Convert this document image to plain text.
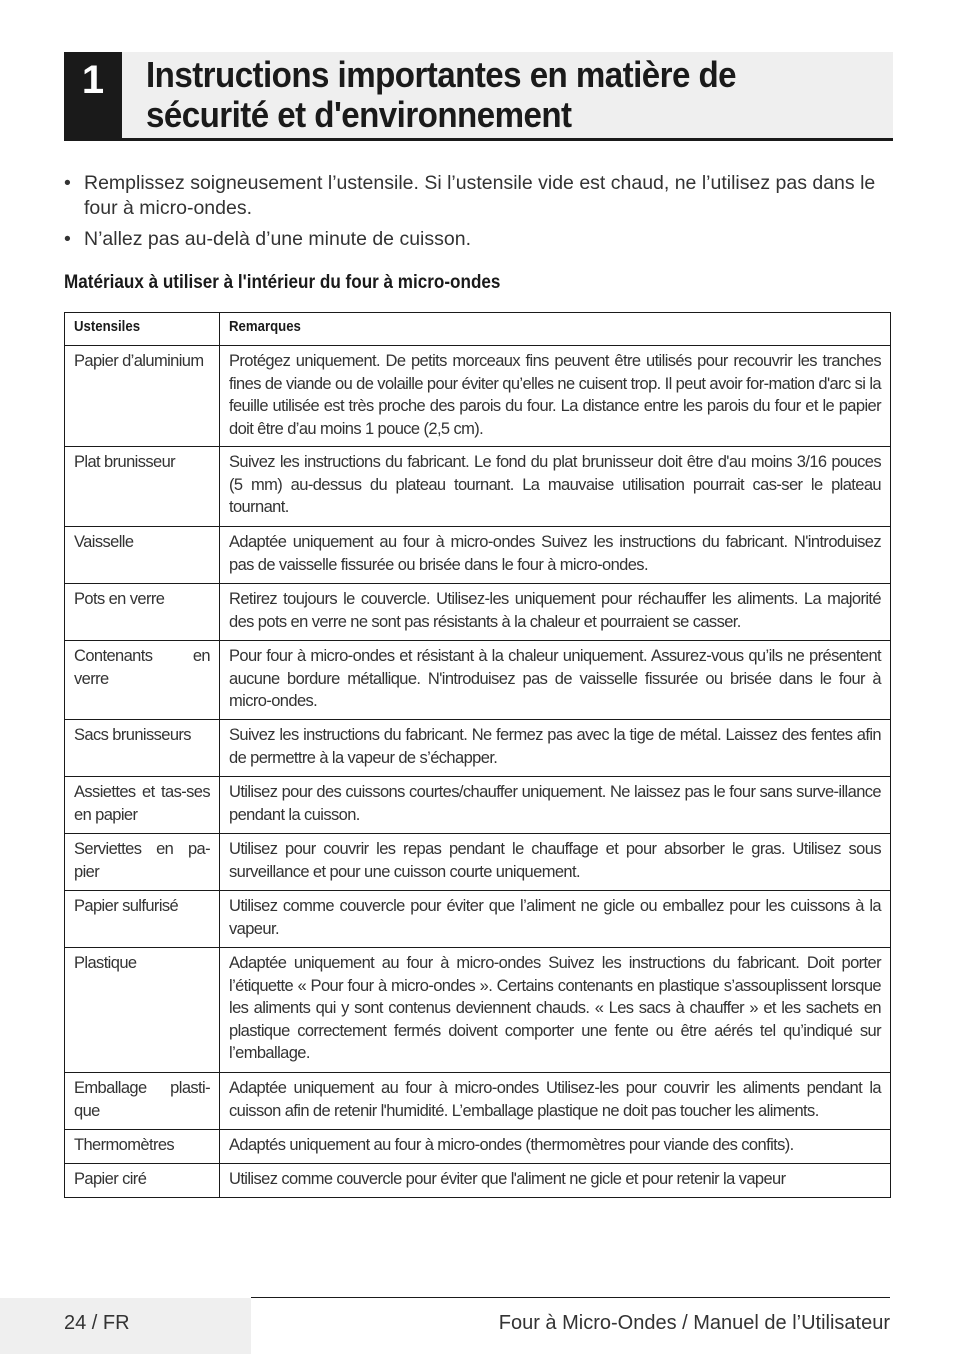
1	Instructions importantes en matière de
sécurité et d'environnement
• Remplissez soigneusement l’ustensile. Si l’ustensile vide est chaud, ne l’utilisez pas dans le four à micro-ondes.
• N’allez pas au-delà d’une minute de cuisson.
Matériaux à utiliser à l'intérieur du four à micro-ondes
Ustensiles	Remarques
Papier d’aluminium	Protégez uniquement. De petits morceaux fins peuvent être utilisés pour recouvrir les tranches fines de viande ou de volaille pour éviter qu’elles ne cuisent trop. Il peut avoir for-mation d'arc si la feuille utilisée est très proche des parois du four. La distance entre les parois du four et le papier doit être d’au moins 1 pouce (2,5 cm).
Plat brunisseur	Suivez les instructions du fabricant. Le fond du plat brunisseur doit être d'au moins 3/16 pouces (5 mm) au-dessus du plateau tournant. La mauvaise utilisation pourrait cas-ser le plateau tournant.
Vaisselle	Adaptée uniquement au four à micro-ondes Suivez les instructions du fabricant. N'introduisez pas de vaisselle fissurée ou brisée dans le four à micro-ondes.
Pots en verre	Retirez toujours le couvercle. Utilisez-les uniquement pour réchauffer les aliments. La majorité des pots en verre ne sont pas résistants à la chaleur et pourraient se casser.
Contenants en verre	Pour four à micro-ondes et résistant à la chaleur uniquement. Assurez-vous qu’ils ne présentent aucune bordure métallique. N'introduisez pas de vaisselle fissurée ou brisée dans le four à micro-ondes.
Sacs brunisseurs	Suivez les instructions du fabricant. Ne fermez pas avec la tige de métal. Laissez des fentes afin de permettre à la vapeur de s’échapper.
Assiettes et tas-ses en papier	Utilisez pour des cuissons courtes/chauffer uniquement. Ne laissez pas le four sans surve-illance pendant la cuisson.
Serviettes en pa-pier	Utilisez pour couvrir les repas pendant le chauffage et pour absorber le gras. Utilisez sous surveillance et pour une cuisson courte uniquement.
Papier sulfurisé	Utilisez comme couvercle pour éviter que l’aliment ne gicle ou emballez pour les cuissons à la vapeur.
Plastique	Adaptée uniquement au four à micro-ondes Suivez les instructions du fabricant. Doit porter l’étiquette « Pour four à micro-ondes ». Certains contenants en plastique s’assouplissent lorsque les aliments qui y sont contenus deviennent chauds. « Les sacs à chauffer » et les sachets en plastique correctement fermés doivent comporter une fente ou être aérés tel qu’indiqué sur l’emballage.
Emballage plasti-que	Adaptée uniquement au four à micro-ondes Utilisez-les pour couvrir les aliments pendant la cuisson afin de retenir l'humidité. L’emballage plastique ne doit pas toucher les aliments.
Thermomètres	Adaptés uniquement au four à micro-ondes (thermomètres pour viande des confits).
Papier ciré	Utilisez comme couvercle pour éviter que l'aliment ne gicle et pour retenir la vapeur
24 / FR	Four à Micro-Ondes / Manuel de l’Utilisateur
